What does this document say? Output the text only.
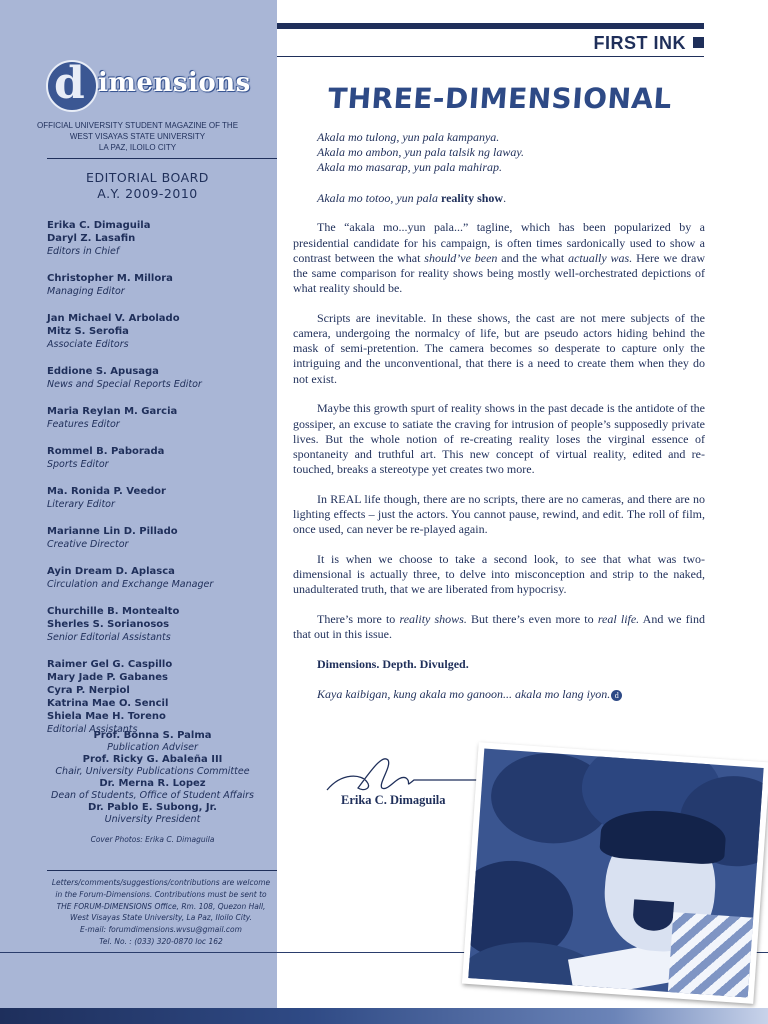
d imensions
OFFICIAL UNIVERSITY STUDENT MAGAZINE OF THE
WEST VISAYAS STATE UNIVERSITY
LA PAZ, ILOILO CITY
EDITORIAL BOARD
A.Y. 2009-2010
Erika C. Dimaguila
Daryl Z. Lasafin
Editors in Chief
Christopher M. Millora
Managing Editor
Jan Michael V. Arbolado
Mitz S. Serofia
Associate Editors
Eddione S. Apusaga
News and Special Reports Editor
Maria Reylan M. Garcia
Features Editor
Rommel B. Paborada
Sports Editor
Ma. Ronida P. Veedor
Literary Editor
Marianne Lin D. Pillado
Creative Director
Ayin Dream D. Aplasca
Circulation and Exchange Manager
Churchille B. Montealto
Sherles S. Sorianosos
Senior Editorial Assistants
Raimer Gel G. Caspillo
Mary Jade P. Gabanes
Cyra P. Nerpiol
Katrina Mae O. Sencil
Shiela Mae H. Toreno
Editorial Assistants
Prof. Bonna S. Palma
Publication Adviser
Prof. Ricky G. Abaleña III
Chair, University Publications Committee
Dr. Merna R. Lopez
Dean of Students, Office of Student Affairs
Dr. Pablo E. Subong, Jr.
University President
Cover Photos: Erika C. Dimaguila
Letters/comments/suggestions/contributions are welcome
in the Forum-Dimensions. Contributions must be sent to
THE FORUM-DIMENSIONS Office, Rm. 108, Quezon Hall,
West Visayas State University, La Paz, Iloilo City.
E-mail: forumdimensions.wvsu@gmail.com
Tel. No. : (033) 320-0870 loc 162
FIRST INK
THREE-DIMENSIONAL

Akala mo tulong, yun pala kampanya.

Akala mo ambon, yun pala talsik ng laway.

Akala mo masarap, yun pala mahirap.

Akala mo totoo, yun pala reality show.

The “akala mo...yun pala...” tagline, which has been popularized by a presidential candidate for his campaign, is often times sardonically used to show a contrast between the what should’ve been and the what actually was. Here we draw the same comparison for reality shows being mostly well-orchestrated depictions of what reality should be.

Scripts are inevitable. In these shows, the cast are not mere subjects of the camera, undergoing the normalcy of life, but are pseudo actors hiding behind the mask of semi-pretention. The camera becomes so desperate to capture only the intriguing and the unconventional, that there is a need to create them when they do not exist.

Maybe this growth spurt of reality shows in the past decade is the antidote of the gossiper, an excuse to satiate the craving for intrusion of people’s supposedly private lives. But the whole notion of re-creating reality loses the virginal essence of spontaneity and truthful art. This new concept of virtual reality, edited and re-touched, breaks a stereotype yet creates two more.

In REAL life though, there are no scripts, there are no cameras, and there are no lighting effects – just the actors. You cannot pause, rewind, and edit. The roll of film, once used, can never be re-played again.

It is when we choose to take a second look, to see that what was two-dimensional is actually three, to delve into misconception and strip to the naked, unadulterated truth, that we are liberated from hypocrisy.

There’s more to reality shows. But there’s even more to real life. And we find that out in this issue.

Dimensions. Depth. Divulged.

Kaya kaibigan, kung akala mo ganoon... akala mo lang iyon. d

Erika C. Dimaguila
